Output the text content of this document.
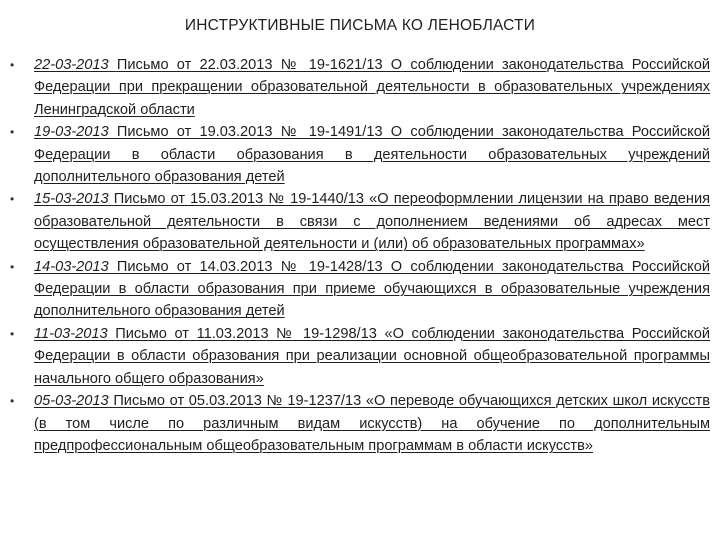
ИНСТРУКТИВНЫЕ ПИСЬМА КО ЛЕНОБЛАСТИ
• 22-03-2013 Письмо от 22.03.2013 № 19-1621/13 О соблюдении законодательства Российской Федерации при прекращении образовательной деятельности в образовательных учреждениях Ленинградской области
• 19-03-2013 Письмо от 19.03.2013 № 19-1491/13 О соблюдении законодательства Российской Федерации в области образования в деятельности образовательных учреждений дополнительного образования детей
• 15-03-2013 Письмо от 15.03.2013 № 19-1440/13 «О переоформлении лицензии на право ведения образовательной деятельности в связи с дополнением ведениями об адресах мест осуществления образовательной деятельности и (или) об образовательных программах»
• 14-03-2013 Письмо от 14.03.2013 № 19-1428/13 О соблюдении законодательства Российской Федерации в области образования при приеме обучающихся в образовательные учреждения дополнительного образования детей
• 11-03-2013 Письмо от 11.03.2013 № 19-1298/13 «О соблюдении законодательства Российской Федерации в области образования при реализации основной общеобразовательной программы начального общего образования»
• 05-03-2013 Письмо от 05.03.2013 № 19-1237/13 «О переводе обучающихся детских школ искусств (в том числе по различным видам искусств) на обучение по дополнительным предпрофессиональным общеобразовательным программам в области искусств»
